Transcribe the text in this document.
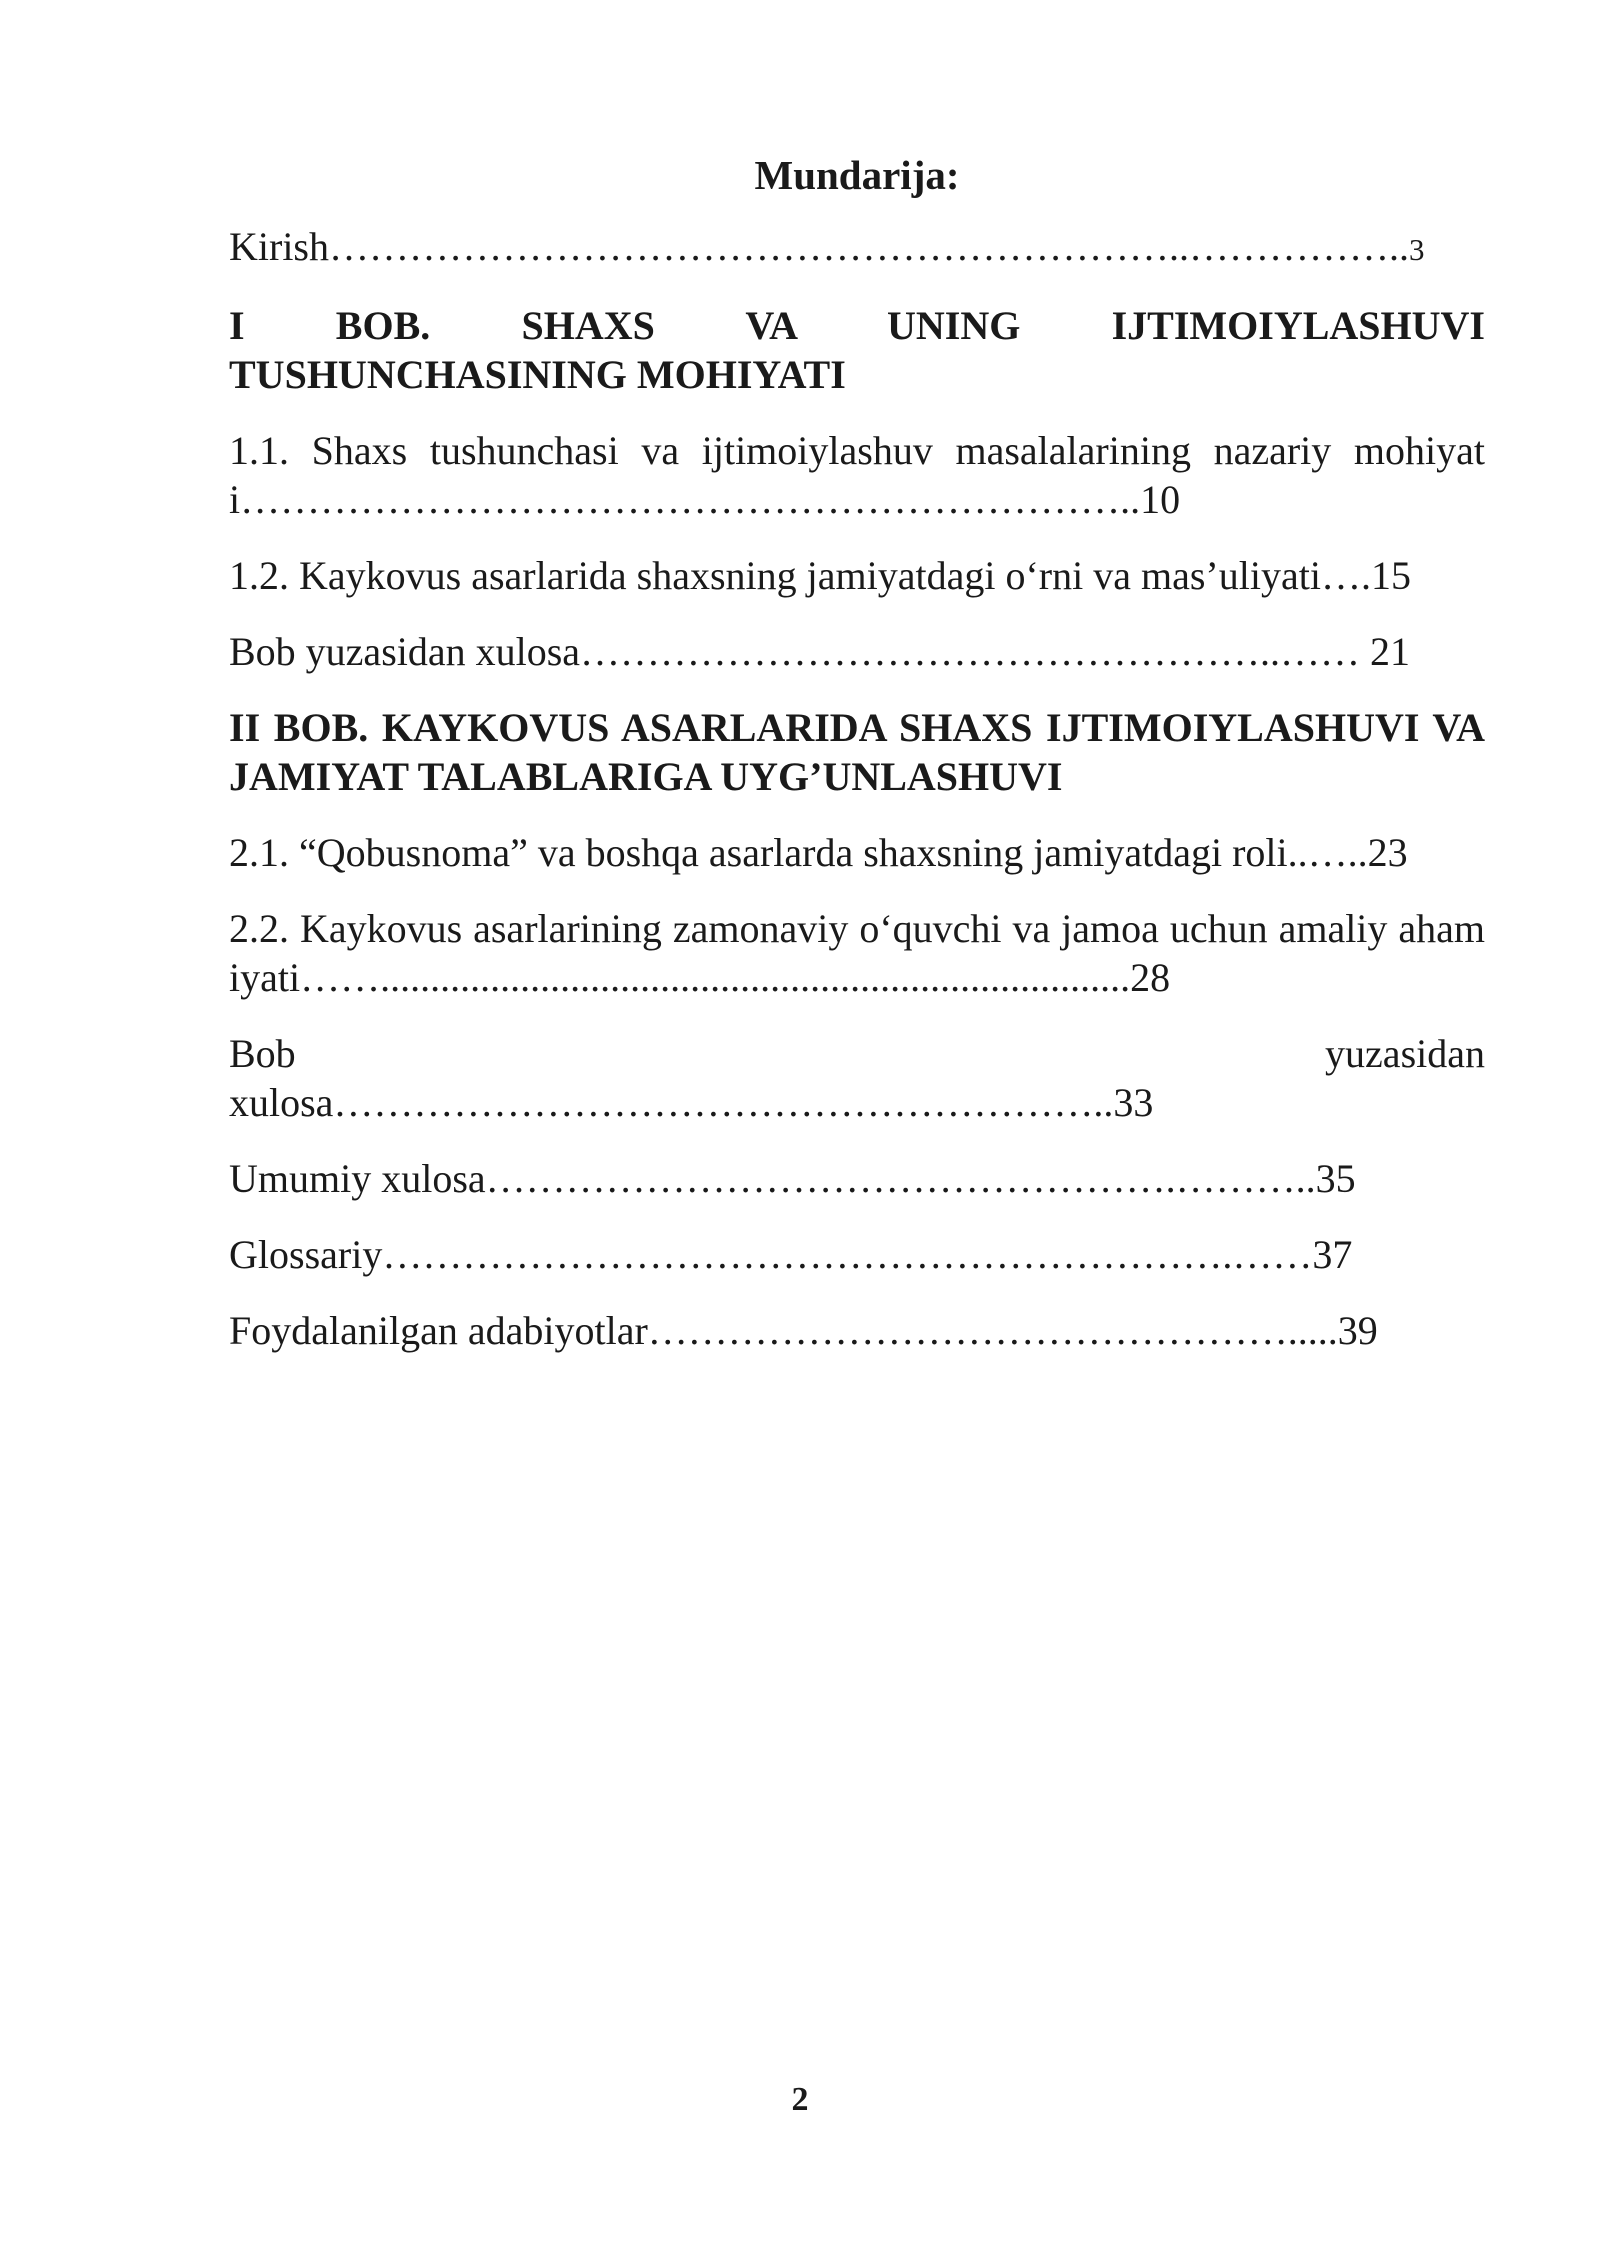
Mundarija:
Kirish………………………………………………………..……………..3
I BOB. SHAXS VA UNING IJTIMOIYLASHUVI TUSHUNCHASINING MOHIYATI
1.1. Shaxs tushunchasi va ijtimoiylashuv masalalarining nazariy mohiyati…………………………………………………………..10
1.2. Kaykovus asarlarida shaxsning jamiyatdagi o‘rni va mas’uliyati….15
Bob yuzasidan xulosa……………………………………………..…… 21
II BOB. KAYKOVUS ASARLARIDA SHAXS IJTIMOIYLASHUVI VA JAMIYAT TALABLARIGA UYG’UNLASHUVI
2.1. “Qobusnoma” va boshqa asarlarda shaxsning jamiyatdagi roli..…..23
2.2. Kaykovus asarlarining zamonaviy o‘quvchi va jamoa uchun amaliy ahamiyati……...........................................................................28
Bob yuzasidan
xulosa…………………………………………………..33
Umumiy xulosa…………………………………………….………..35
Glossariy……………………………………………………….……37
Foydalanilgan adabiyotlar………………………………………….....39
2
